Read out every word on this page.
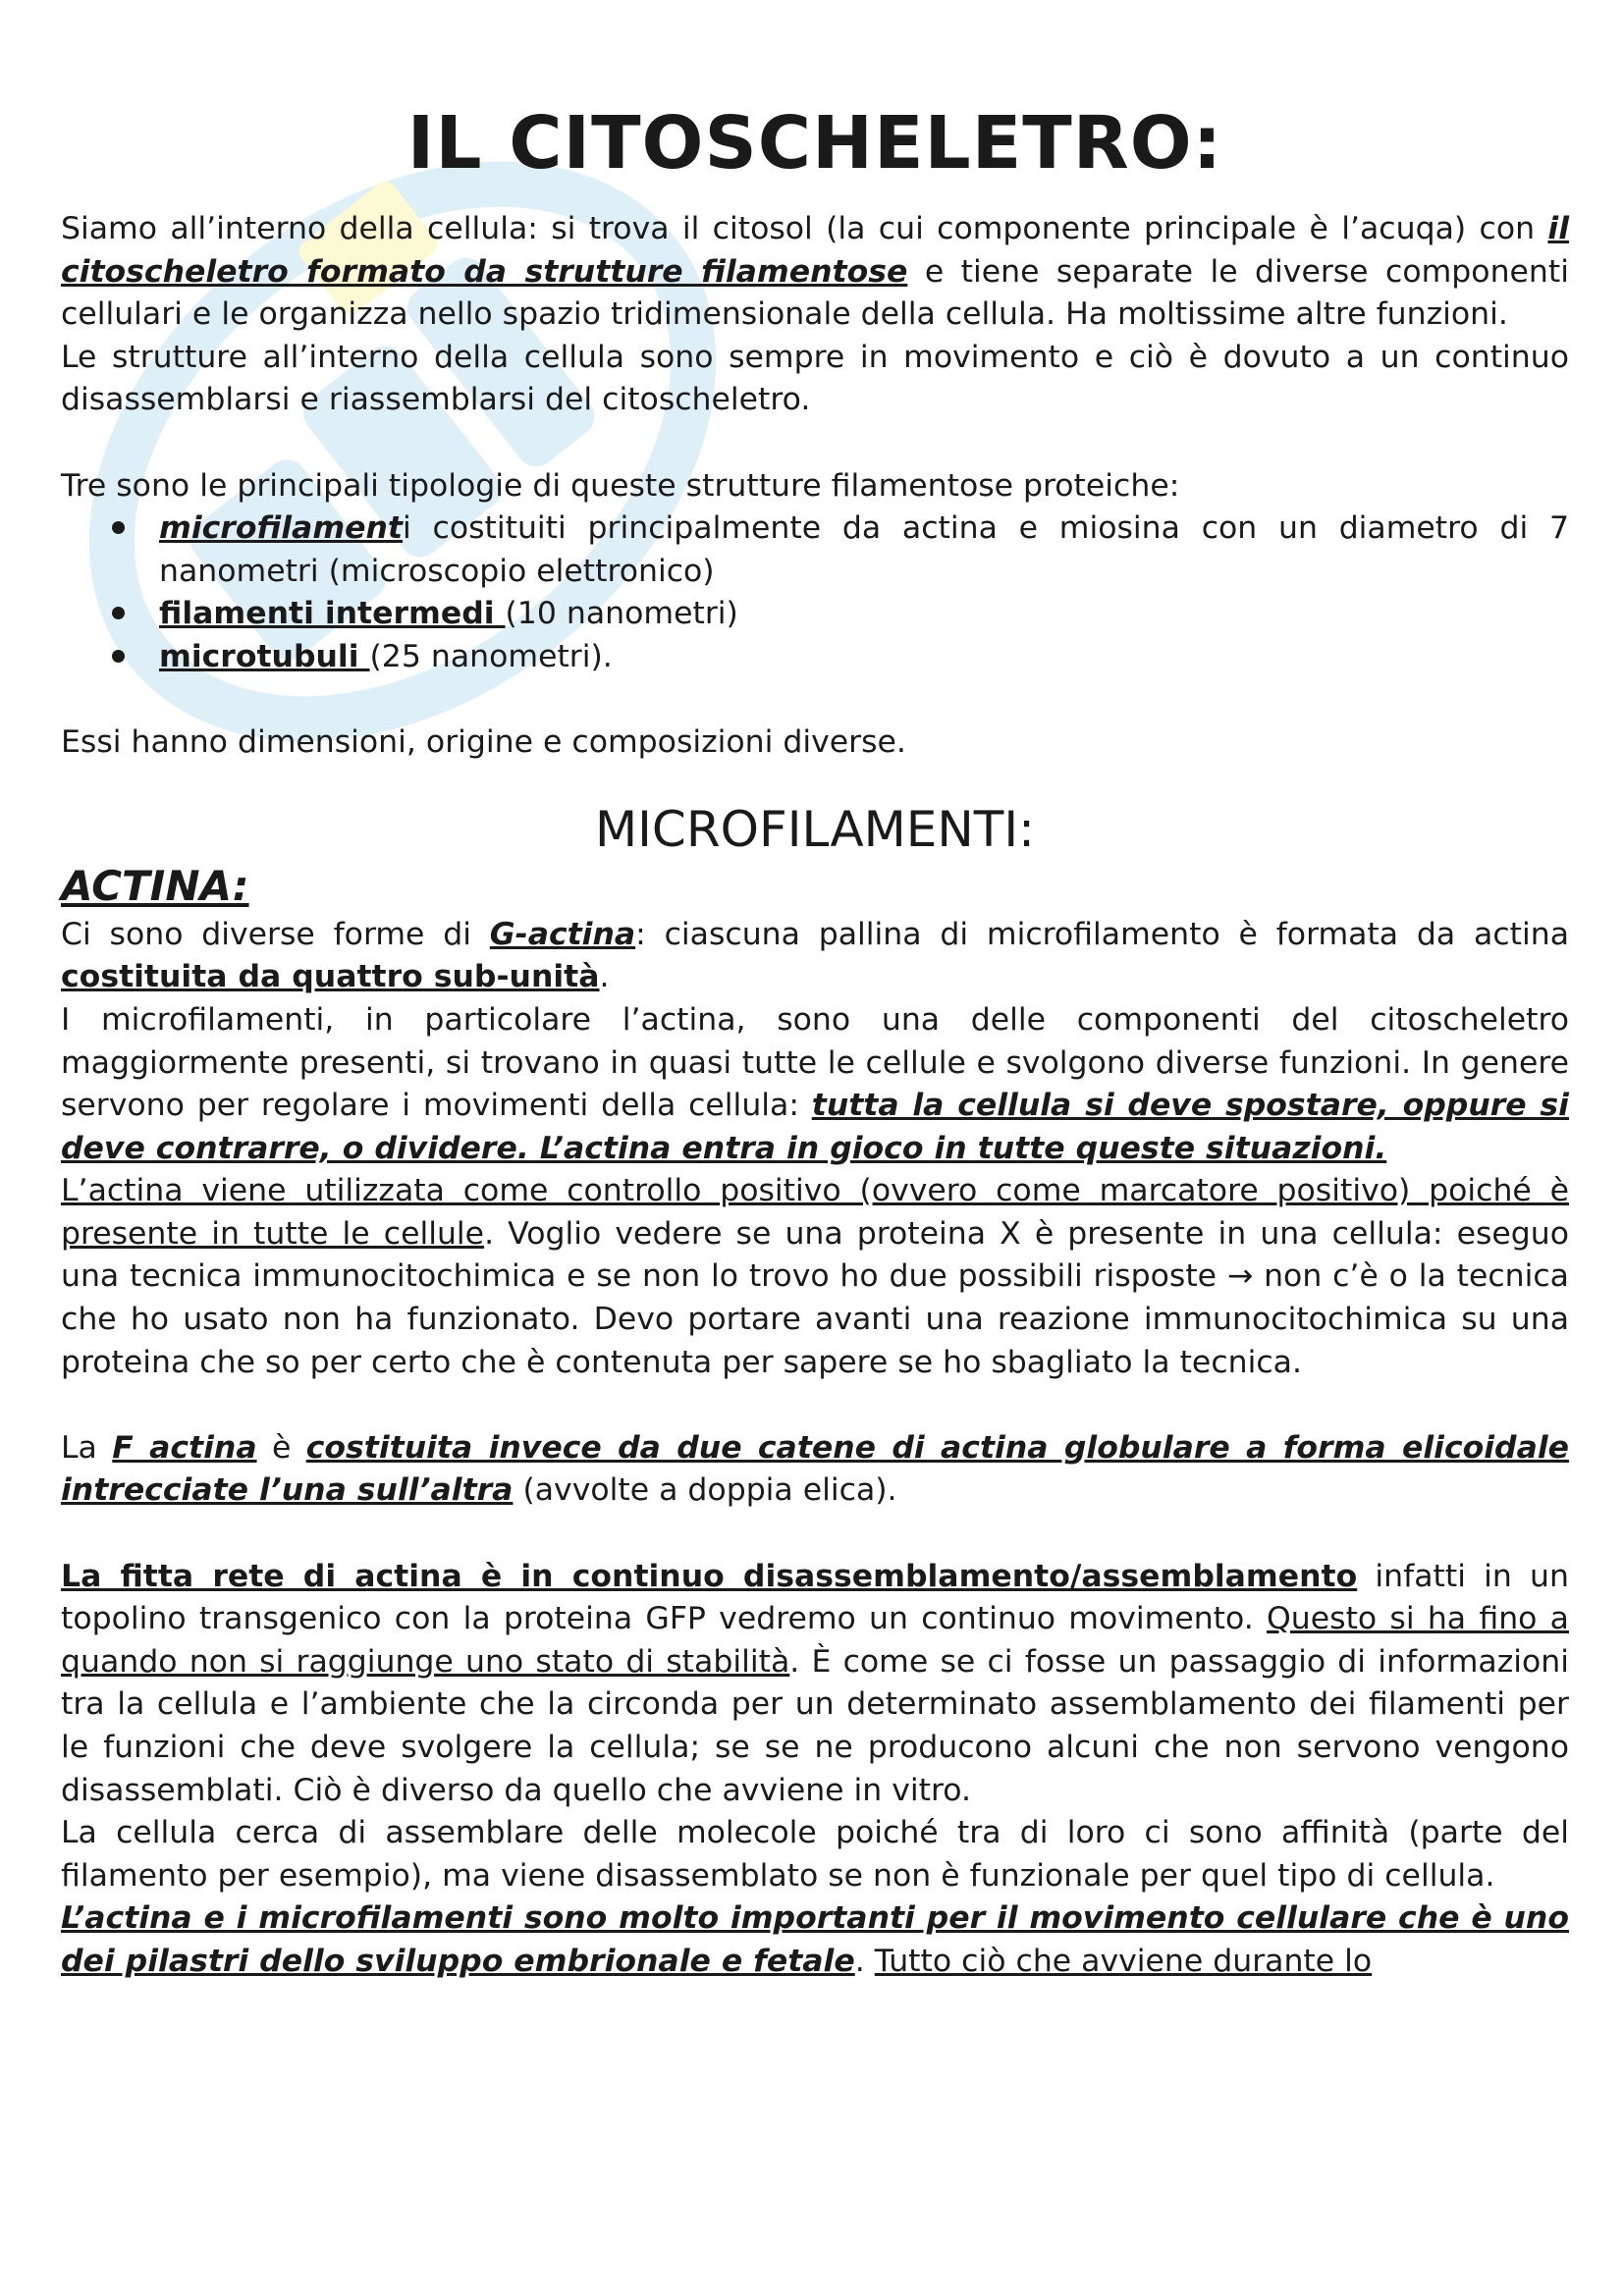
IL CITOSCHELETRO:

Siamo all’interno della cellula: si trova il citosol (la cui componente principale è l’acuqa) con il citoscheletro formato da strutture filamentose e tiene separate le diverse componenti cellulari e le organizza nello spazio tridimensionale della cellula. Ha moltissime altre funzioni.

Le strutture all’interno della cellula sono sempre in movimento e ciò è dovuto a un continuo disassemblarsi e riassemblarsi del citoscheletro.

Tre sono le principali tipologie di queste strutture filamentose proteiche:

microfilamenti costituiti principalmente da actina e miosina con un diametro di 7 nanometri (microscopio elettronico)
filamenti intermedi (10 nanometri)
microtubuli (25 nanometri).

Essi hanno dimensioni, origine e composizioni diverse.

MICROFILAMENTI:
ACTINA:

Ci sono diverse forme di G-actina: ciascuna pallina di microfilamento è formata da actina costituita da quattro sub-unità.

I microfilamenti, in particolare l’actina, sono una delle componenti del citoscheletro maggiormente presenti, si trovano in quasi tutte le cellule e svolgono diverse funzioni. In genere servono per regolare i movimenti della cellula: tutta la cellula si deve spostare, oppure si deve contrarre, o dividere. L’actina entra in gioco in tutte queste situazioni.

L’actina viene utilizzata come controllo positivo (ovvero come marcatore positivo) poiché è presente in tutte le cellule. Voglio vedere se una proteina X è presente in una cellula: eseguo una tecnica immunocitochimica e se non lo trovo ho due possibili risposte → non c’è o la tecnica che ho usato non ha funzionato. Devo portare avanti una reazione immunocitochimica su una proteina che so per certo che è contenuta per sapere se ho sbagliato la tecnica.

La F actina è costituita invece da due catene di actina globulare a forma elicoidale intrecciate l’una sull’altra (avvolte a doppia elica).

La fitta rete di actina è in continuo disassemblamento/assemblamento infatti in un topolino transgenico con la proteina GFP vedremo un continuo movimento. Questo si ha fino a quando non si raggiunge uno stato di stabilità. È come se ci fosse un passaggio di informazioni tra la cellula e l’ambiente che la circonda per un determinato assemblamento dei filamenti per le funzioni che deve svolgere la cellula; se se ne producono alcuni che non servono vengono disassemblati. Ciò è diverso da quello che avviene in vitro.

La cellula cerca di assemblare delle molecole poiché tra di loro ci sono affinità (parte del filamento per esempio), ma viene disassemblato se non è funzionale per quel tipo di cellula.

L’actina e i microfilamenti sono molto importanti per il movimento cellulare che è uno dei pilastri dello sviluppo embrionale e fetale. Tutto ciò che avviene durante lo
